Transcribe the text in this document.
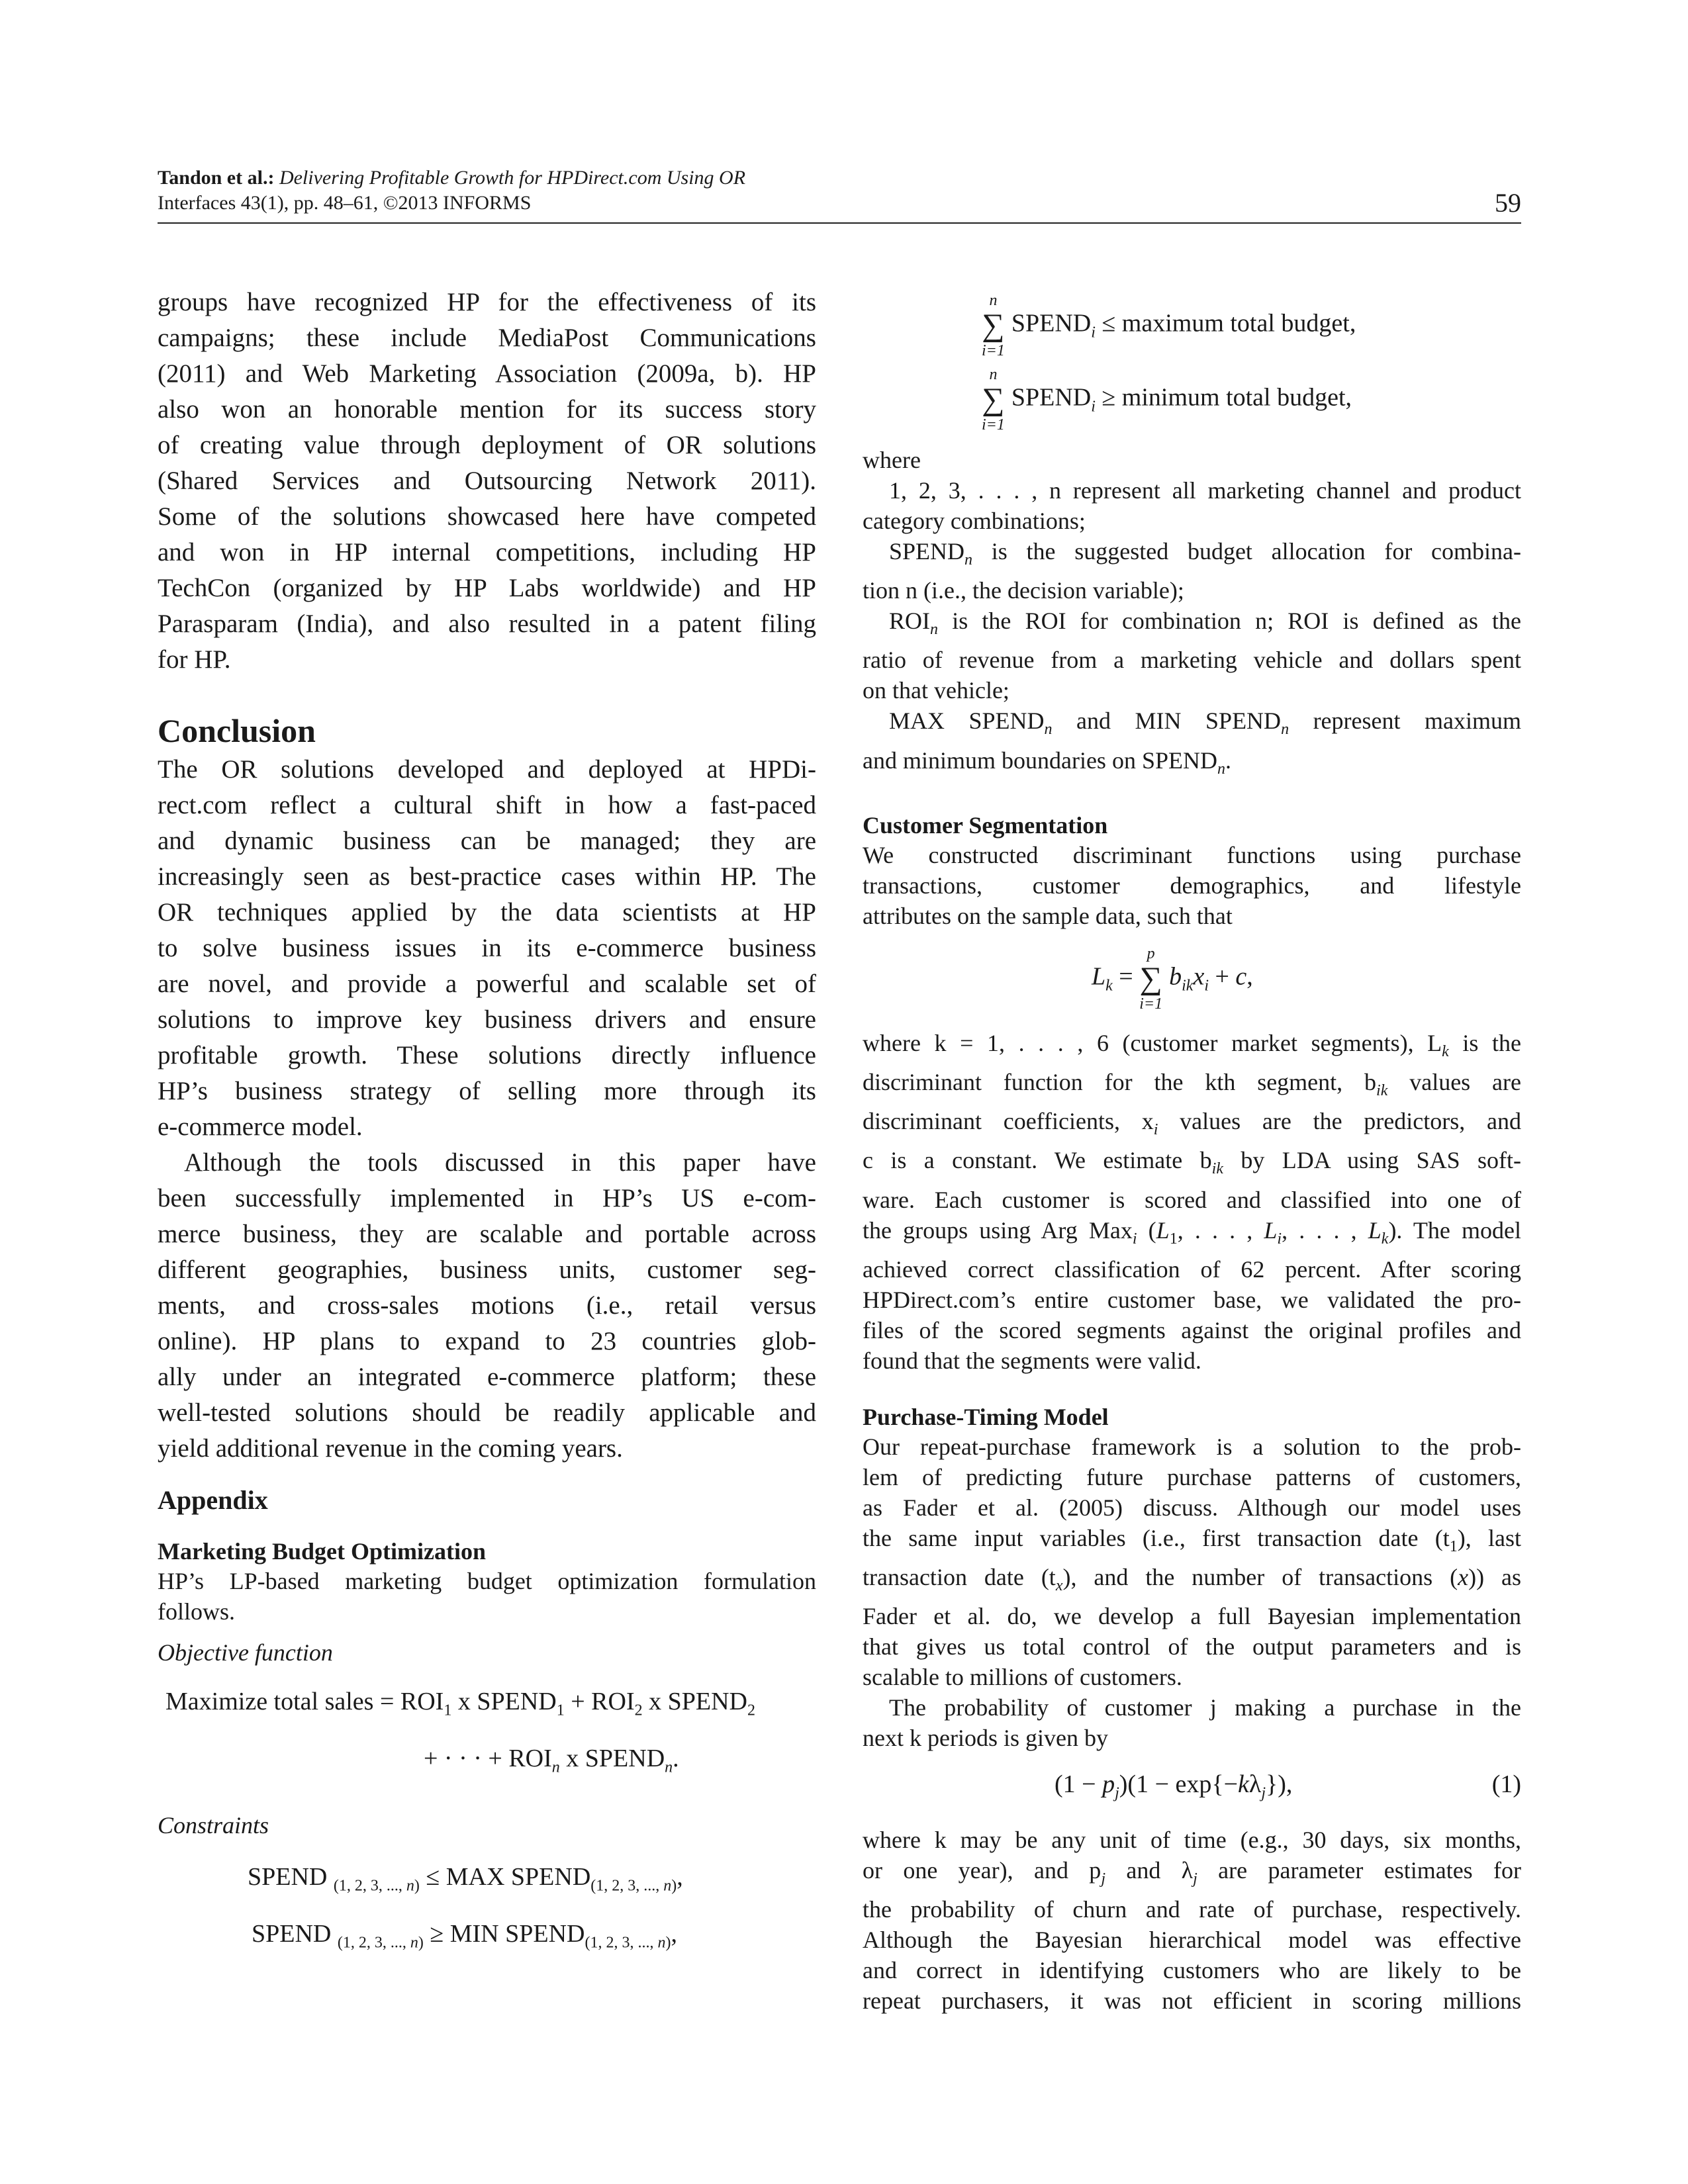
Tandon et al.: Delivering Profitable Growth for HPDirect.com Using OR
Interfaces 43(1), pp. 48–61, ©2013 INFORMS	59
groups have recognized HP for the effectiveness of its
campaigns; these include MediaPost Communications
(2011) and Web Marketing Association (2009a, b). HP
also won an honorable mention for its success story
of creating value through deployment of OR solutions
(Shared Services and Outsourcing Network 2011).
Some of the solutions showcased here have competed
and won in HP internal competitions, including HP
TechCon (organized by HP Labs worldwide) and HP
Parasparam (India), and also resulted in a patent filing
for HP.
Conclusion
The OR solutions developed and deployed at HPDi-
rect.com reflect a cultural shift in how a fast-paced
and dynamic business can be managed; they are
increasingly seen as best-practice cases within HP. The
OR techniques applied by the data scientists at HP
to solve business issues in its e-commerce business
are novel, and provide a powerful and scalable set of
solutions to improve key business drivers and ensure
profitable growth. These solutions directly influence
HP’s business strategy of selling more through its
e-commerce model.
Although the tools discussed in this paper have
been successfully implemented in HP’s US e-com-
merce business, they are scalable and portable across
different geographies, business units, customer seg-
ments, and cross-sales motions (i.e., retail versus
online). HP plans to expand to 23 countries glob-
ally under an integrated e-commerce platform; these
well-tested solutions should be readily applicable and
yield additional revenue in the coming years.
Appendix
Marketing Budget Optimization
HP’s LP-based marketing budget optimization formulation
follows.
Objective function
Maximize total sales = $ROI_1$ x $SPEND_1 + ROI_2$ x $SPEND_2$
+ · · · + $ROI_n$ x $SPEND_n$.
Constraints
SPEND $_{(1, 2, 3, ..., n)}$ ≤ MAX $SPEND_{(1, 2, 3, ..., n)}$,
SPEND $_{(1, 2, 3, ..., n)}$ ≥ MIN $SPEND_{(1, 2, 3, ..., n)}$,
n
∑
i=1
$SPEND_i$ ≤ maximum total budget,
n
∑
i=1
$SPEND_i$ ≥ minimum total budget,
where
1, 2, 3, . . . , n represent all marketing channel and product
category combinations;
$SPEND_n$ is the suggested budget allocation for combina-
tion n (i.e., the decision variable);
$ROI_n$ is the ROI for combination n; ROI is defined as the
ratio of revenue from a marketing vehicle and dollars spent
on that vehicle;
MAX $SPEND_n$ and MIN $SPEND_n$ represent maximum
and minimum boundaries on $SPEND_n$.
Customer Segmentation
We constructed discriminant functions using purchase
transactions, customer demographics, and lifestyle
attributes on the sample data, such that
$L_k$ =
p
∑
i=1
$b_{ik}x_i + c$,
where k = 1, . . . , 6 (customer market segments), $L_k$ is the
discriminant function for the kth segment, $b_{ik}$ values are
discriminant coefficients, $x_i$ values are the predictors, and
c is a constant. We estimate $b_{ik}$ by LDA using SAS soft-
ware. Each customer is scored and classified into one of
the groups using Arg Max$_i$ ($L_1$, . . . , $L_i$, . . . , $L_k$). The model
achieved correct classification of 62 percent. After scoring
HPDirect.com’s entire customer base, we validated the pro-
files of the scored segments against the original profiles and
found that the segments were valid.
Purchase-Timing Model
Our repeat-purchase framework is a solution to the prob-
lem of predicting future purchase patterns of customers,
as Fader et al. (2005) discuss. Although our model uses
the same input variables (i.e., first transaction date $(t_1)$, last
transaction date $(t_x)$, and the number of transactions (x)) as
Fader et al. do, we develop a full Bayesian implementation
that gives us total control of the output parameters and is
scalable to millions of customers.
The probability of customer j making a purchase in the
next k periods is given by
$(1 - p_j)(1 - \exp\{-k\lambda_j\})$,	(1)
where k may be any unit of time (e.g., 30 days, six months,
or one year), and $p_j$ and $\lambda_j$ are parameter estimates for
the probability of churn and rate of purchase, respectively.
Although the Bayesian hierarchical model was effective
and correct in identifying customers who are likely to be
repeat purchasers, it was not efficient in scoring millions
